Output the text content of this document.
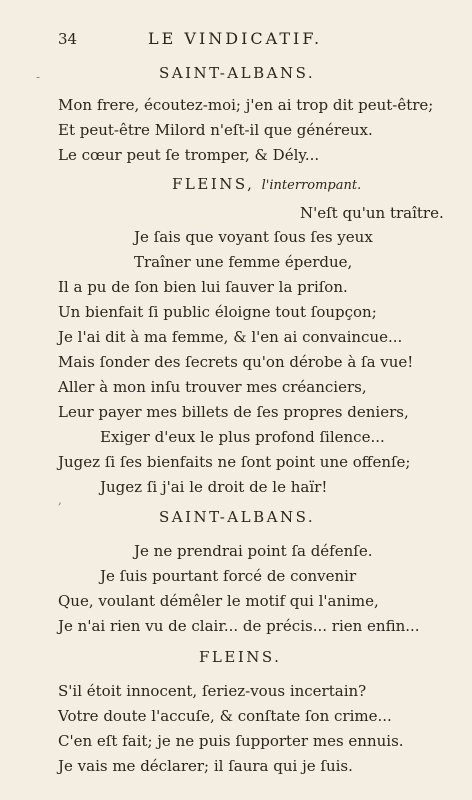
34	LE VINDICATIF.
-
,
SAINT-ALBANS.
Mon frere, écoutez-moi; j'en ai trop dit peut-être;
Et peut-être Milord n'eſt-il que généreux.
Le cœur peut ſe tromper, & Dély...
FLEINS, l'interrompant.
N'eſt qu'un traître.
Je ſais que voyant ſous ſes yeux
Traîner une femme éperdue,
Il a pu de ſon bien lui ſauver la priſon.
Un bienfait ſi public éloigne tout ſoupçon;
Je l'ai dit à ma femme, & l'en ai convaincue...
Mais ſonder des ſecrets qu'on dérobe à ſa vue!
Aller à mon inſu trouver mes créanciers,
Leur payer mes billets de ſes propres deniers,
Exiger d'eux le plus profond ſilence...
Jugez ſi ſes bienfaits ne ſont point une offenſe;
Jugez ſi j'ai le droit de le haïr!
SAINT-ALBANS.
Je ne prendrai point ſa défenſe.
Je ſuis pourtant forcé de convenir
Que, voulant démêler le motif qui l'anime,
Je n'ai rien vu de clair... de précis... rien enfin...
FLEINS.
S'il étoit innocent, ſeriez-vous incertain?
Votre doute l'accuſe, & conſtate ſon crime...
C'en eſt fait; je ne puis ſupporter mes ennuis.
Je vais me déclarer; il ſaura qui je ſuis.
